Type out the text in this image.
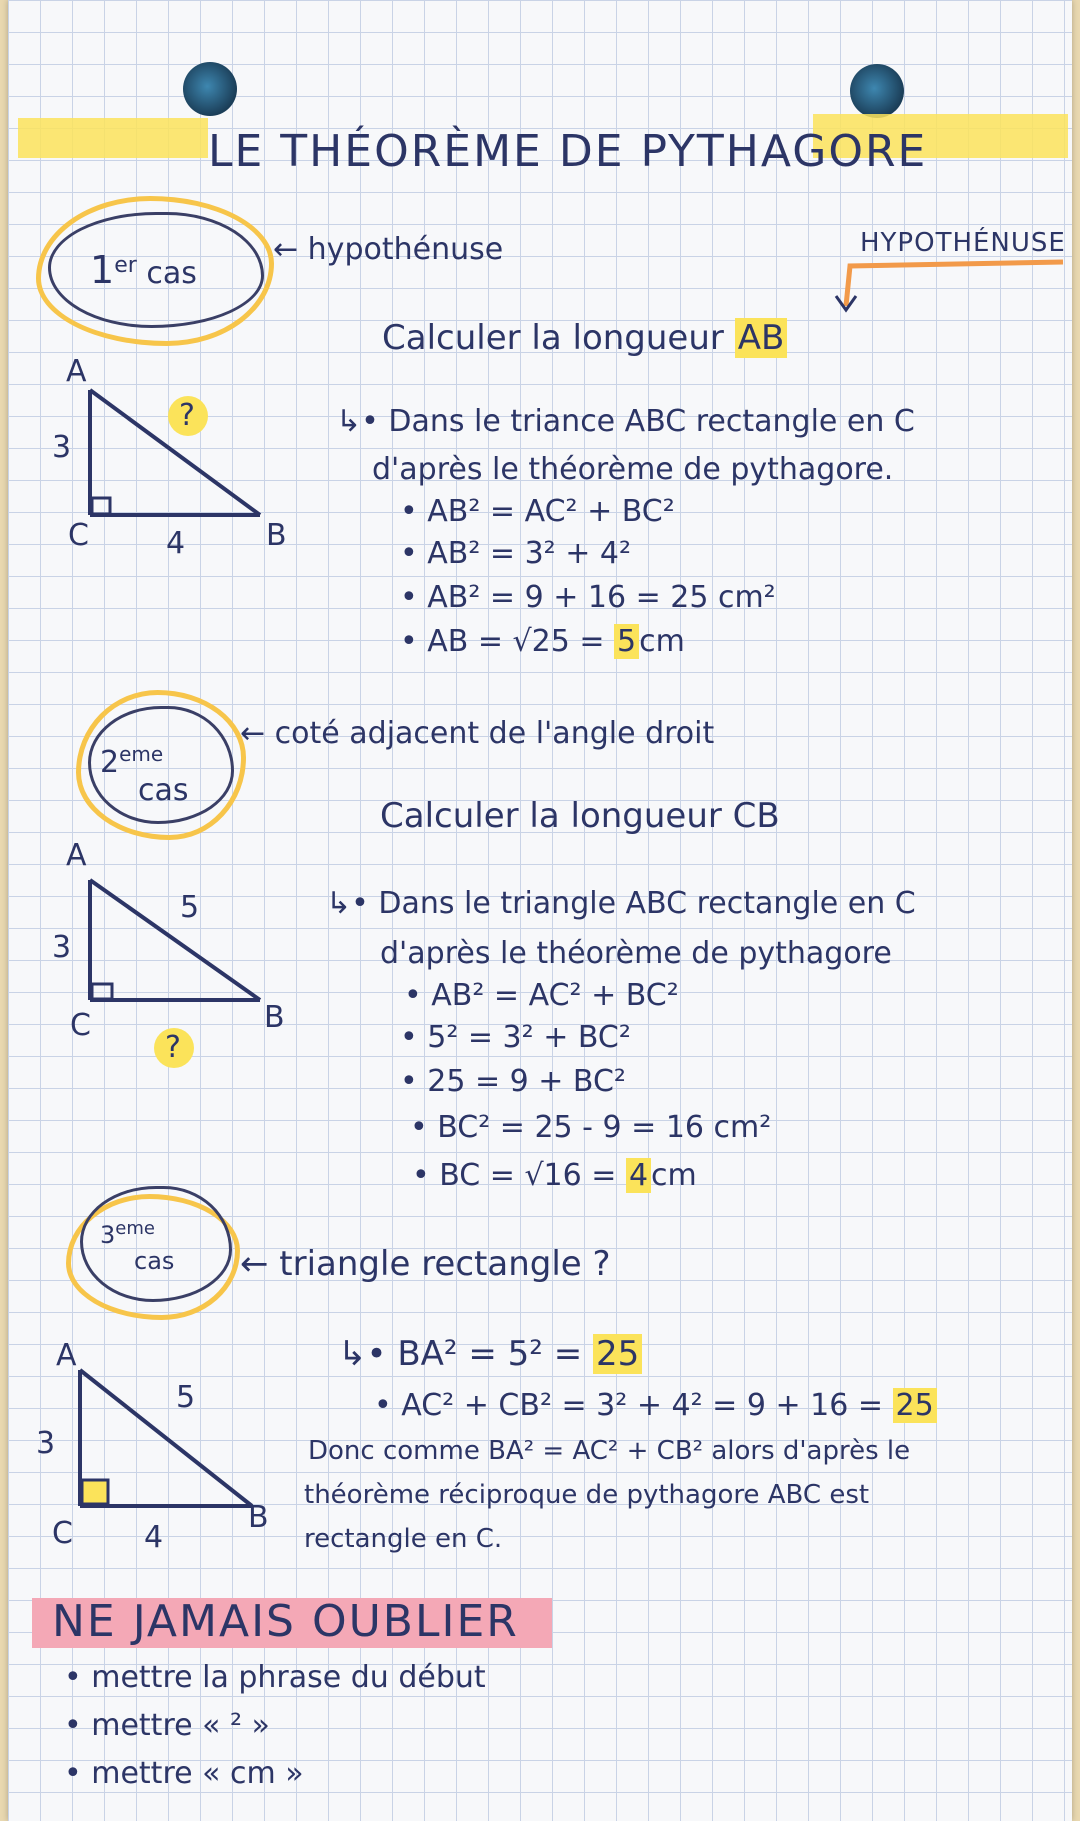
LE THÉORÈME DE PYTHAGORE
1er cas
← hypothénuse	HYPOTHÉNUSE
Calculer la longueur AB
A
C	B
3
4
?	↳• Dans le triance ABC rectangle en C
d'après le théorème de pythagore.
• AB² = AC² + BC²
• AB² = 3² + 4²
• AB² = 9 + 16 = 25 cm²
• AB = √25 = 5 cm
2eme
cas
← coté adjacent de l'angle droit
Calculer la longueur CB
A
C	B
3
5
?
↳• Dans le triangle ABC rectangle en C
d'après le théorème de pythagore
• AB² = AC² + BC²
• 5² = 3² + BC²
• 25 = 9 + BC²
• BC² = 25 - 9 = 16 cm²
• BC = √16 = 4 cm
3eme
cas ← triangle rectangle ?
A
C	B
3
4
5
↳• BA² = 5² = 25
• AC² + CB² = 3² + 4² = 9 + 16 = 25
Donc comme BA² = AC² + CB² alors d'après le
théorème réciproque de pythagore ABC est
rectangle en C.
NE JAMAIS OUBLIER
• mettre la phrase du début
• mettre « ² »
• mettre « cm »
